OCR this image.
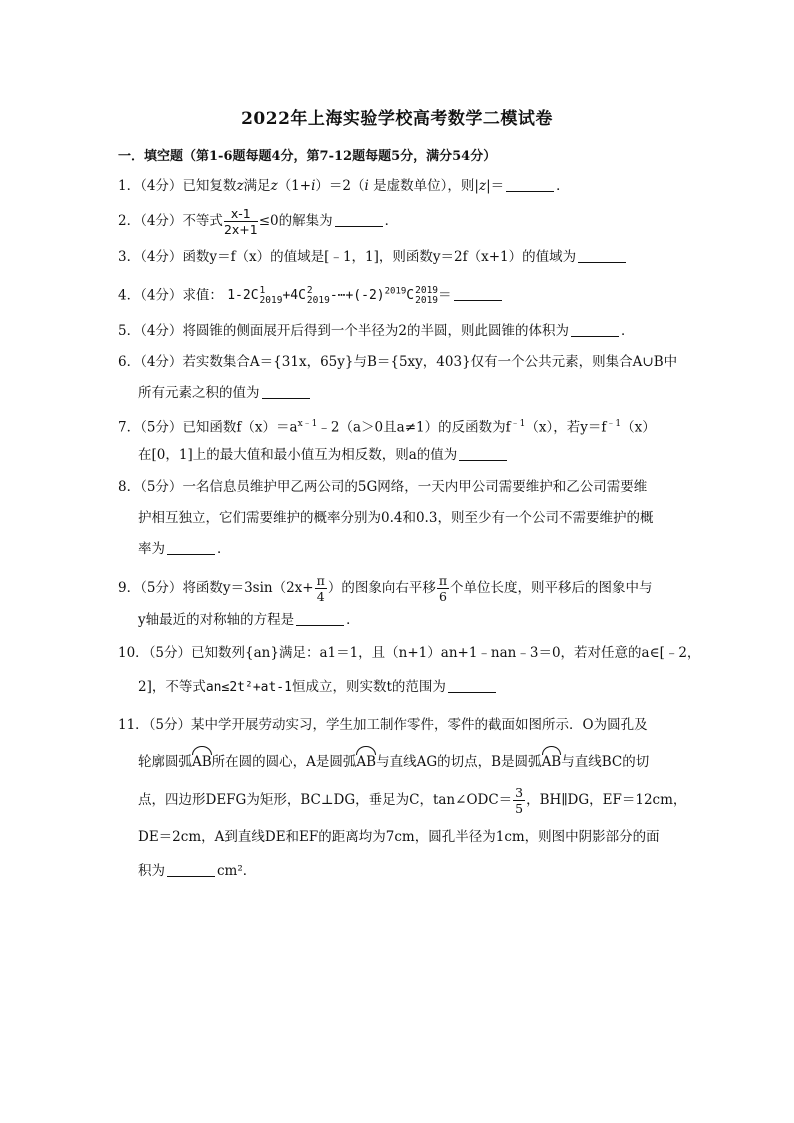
2022年上海实验学校高考数学二模试卷
一．填空题（第1-6题每题4分，第7-12题每题5分，满分54分）
1．（4分）已知复数z满足z（1+i）＝2（i 是虚数单位），则|z|＝	．
2．（4分）不等式 $\frac{x-1}{2x+1} \le 0$的解集为	．
3．（4分）函数y＝f（x）的值域是[﹣1，1]，则函数y＝2f（x+1）的值域为
4．（4分）求值： 1-2C 1
2019 +4C 2
2019 $-\cdots+(-2)^{2019}C$ 2019
2019 ＝
5．（4分）将圆锥的侧面展开后得到一个半径为2的半圆，则此圆锥的体积为	．
6．（4分）若实数集合A＝{31x，65y}与B＝{5xy，403}仅有一个公共元素，则集合A∪B中
所有元素之积的值为
7．（5分）已知函数$f(x)=a^{x﹣1}﹣2(a>0$且a≠1）的反函数为$f^{﹣1}(x)$，若$y=f^{﹣1}(x)$
在[0，1]上的最大值和最小值互为相反数，则a的值为
8．（5分）一名信息员维护甲乙两公司的5G网络，一天内甲公司需要维护和乙公司需要维
护相互独立，它们需要维护的概率分别为0.4和0.3，则至少有一个公司不需要维护的概
率为	．
9．（5分）将函数$y=3\sin(2x+ \frac{\pi}{4}$ ）的图象向右平移 $\frac{\pi}{6}$ 个单位长度，则平移后的图象中与
y轴最近的对称轴的方程是	．
10．（5分）已知数列{an}满足：a1＝1，且（n+1）an+1﹣nan﹣3＝0，若对任意的a∈[﹣2，
2]，不等式an≤2t²+at-1恒成立，则实数t的范围为
11．（5分）某中学开展劳动实习，学生加工制作零件，零件的截面如图所示．O为圆孔及
轮廓圆弧AB所在圆的圆心，A是圆弧AB与直线AG的切点，B是圆弧AB与直线BC的切
点，四边形DEFG为矩形，BC⊥DG，垂足为C，tan∠ODC＝ $\frac{3}{5}$ ，BH∥DG，EF＝12cm，
DE＝2cm，A到直线DE和EF的距离均为7cm，圆孔半径为1cm，则图中阴影部分的面
积为	cm²．
